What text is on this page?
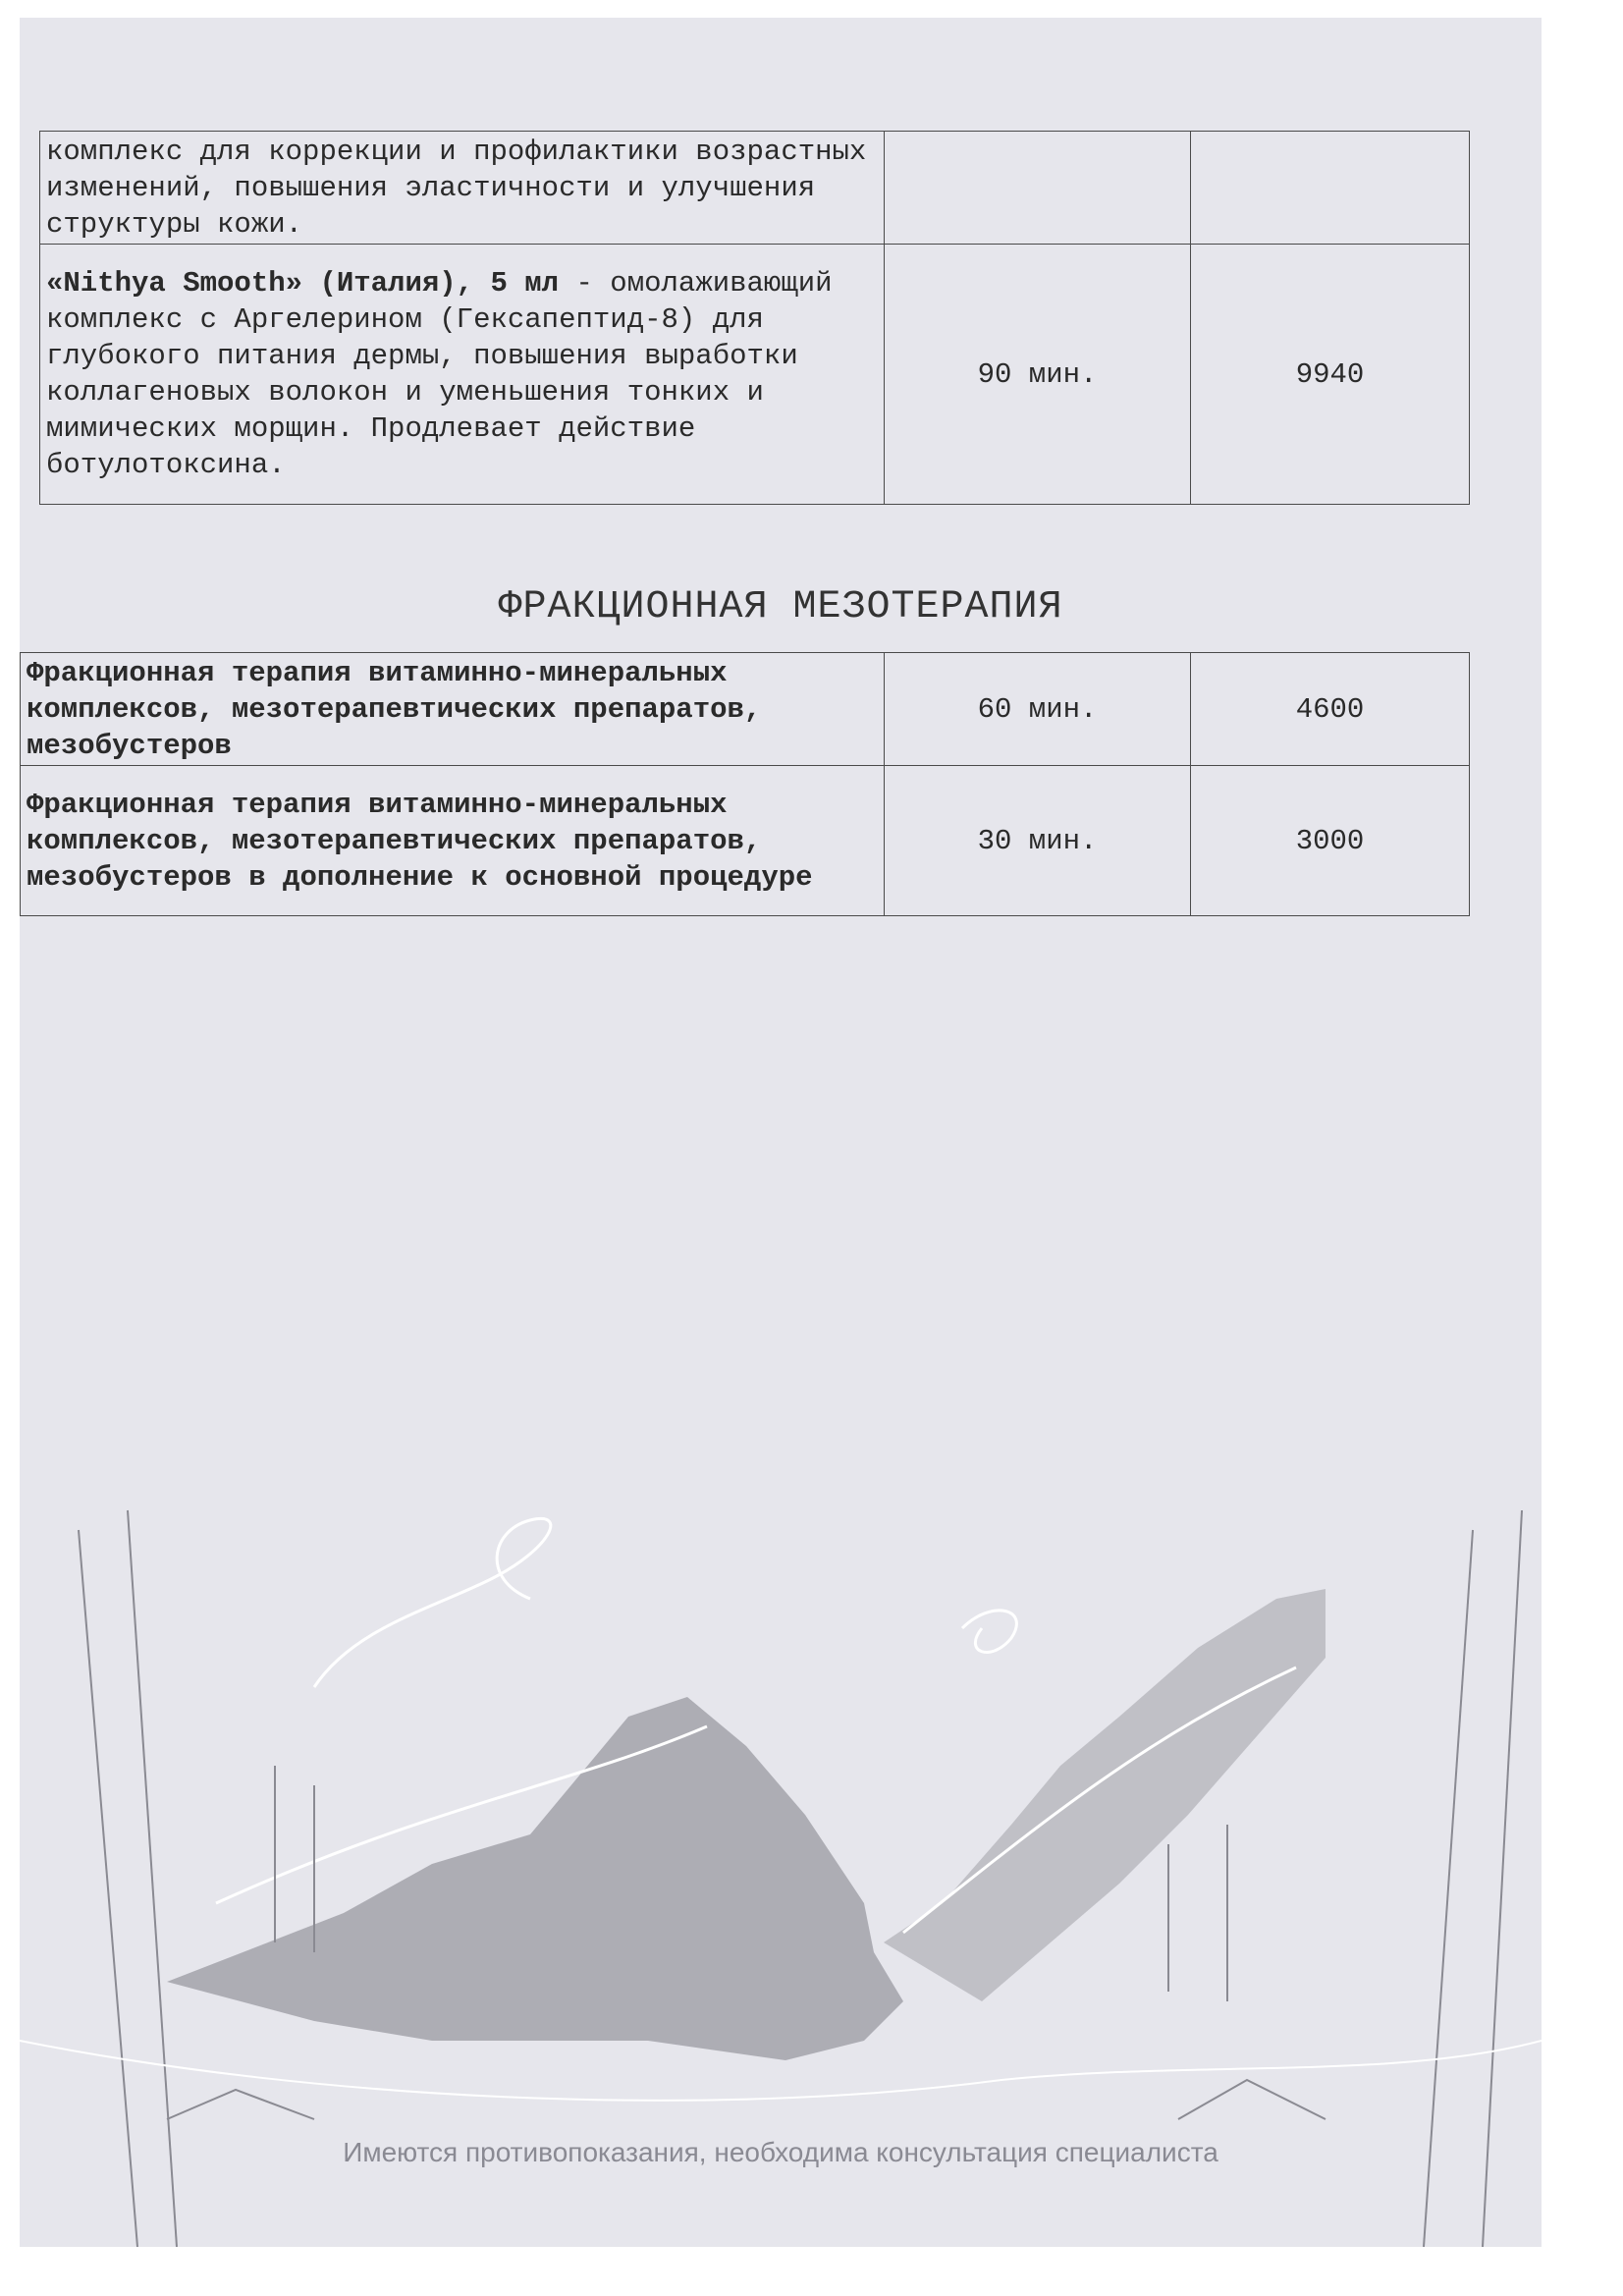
комплекс для коррекции и профилактики возрастных изменений, повышения эластичности и улучшения структуры кожи.		
«Nithya Smooth» (Италия), 5 мл - омолаживающий комплекс с Аргелерином (Гексапептид-8) для глубокого питания дермы, повышения выработки коллагеновых волокон и уменьшения тонких и мимических морщин. Продлевает действие ботулотоксина.	90 мин.	9940
ФРАКЦИОННАЯ МЕЗОТЕРАПИЯ
Фракционная терапия витаминно-минеральных комплексов, мезотерапевтических препаратов, мезобустеров	60 мин.	4600
Фракционная терапия витаминно-минеральных комплексов, мезотерапевтических препаратов, мезобустеров в дополнение к основной процедуре	30 мин.	3000
Имеются противопоказания, необходима консультация специалиста
